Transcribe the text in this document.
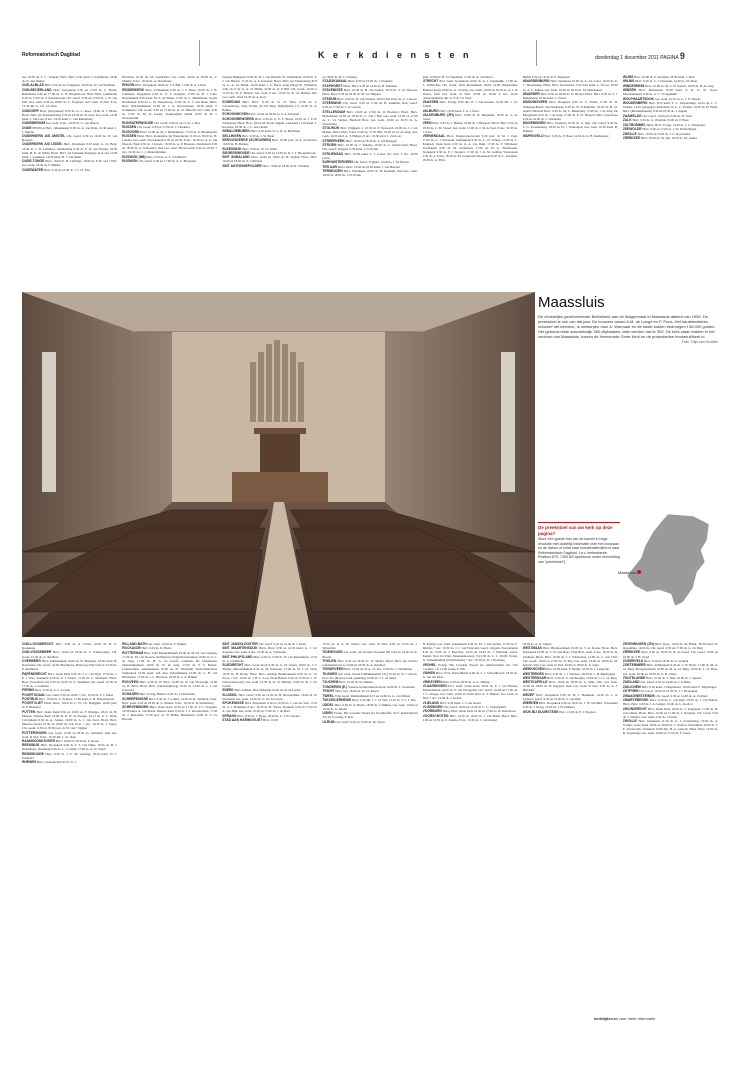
Reformatorisch Dagblad	K e r k d i e n s t e n	donderdag 1 december 2011 PAGINA 9

leu, 18.30 ds. T. C. Verhoef; Herv. Herv. 9.30 kand. J. Kommerie, 18.00 ds. N. den Ouden

OUD-ALBLAS Herv. 9.30 ds. D. Jongeneel, 18.30 ds. W. van Wolfelen

OUD-BEIJERLAND Herv. Dorpskerk 9.30 en 17.00 ds. C. Boele, Bethelkerk 9.30 en 17.00 ds. C. H. Hogendoorn, Herv. Herv. (Ambacht) 9.30 en 17.00 ds. P. Kersseboom; Chr. Geref. 9.30 en 17.00 ds. J. W. van Pelt; Ger. Gem. 9.30 en 18.00 ds. C. Vogelaar; Ger. Gem. in Ned. 8 ds. 19.30 dhr. A. J. E. vd. Veen

OUDDORP Herv. (Dorpskerk) 9.30 ds. G. C. Rose, 18.00 ds. J. Blom, Herst. Herv. (in Dorpstienden) 9.30 en 18.30 ds. D. Zoet; Ger. Gem. 14.30 kand. J. van Laar, 8 dec. 19.30 kand. C. van Ruitenburg

OUDEMIRDUM Ger. Gem. 8 dec. 19.30 ds. C. van Dieren

OUDE PEKELA Herv. Julianakapel 9.30 ds. A. van Dam, 16.30 kand. J. J. Mulder

OUDERKERK A/D AMSTEL Chr. Geref. 9.30 en 16.00 ds. W. van Boetzen

OUDERKERK A/D IJSSEL Herv. Dorpskerk 9.30 kand. G. vd. Berg, 18.30 dr. J. H. Lammers, Ontmoeting 9.30 dr. P. H. van Harten, 18.30 kand. H. K. de Wilde; Herst. Herv. (in Schakerk Kringen) ad (Loet) 12.00 kand. J. Lankhaar, 19.00 kand. H. J. van Mastr

OUDE-TONGE Herv. 10.00 dr. H. Lieftinga, 18.00 ds. P. H. van 't Hof; Ger. Gem. 18.30 ds. F. Bakker

OUDEWATER Herv. 9.30 en 18.30 ds. J. J. vd. End

Havauch, 16.30 ds. M. Goudriaan, Ger. Gem. 10.00 en 18.00 ds. F. Mulder, 8 dec. 19.30 ds. A. Verschuure

RHOON Herv. Dorpskerk 10.00 ds. J. P. Bijl, 17.00 ds. A. Christ

RIDDERKERK Herv. Lichtenkerk 9.30 ds. J. T. Maas, 16.00 ds. J. H. Lammers, Singelkerk 9.30 ds. E. F. Vergunst, 17.00 ds. B. J. Lans, Boezemkerk 9.30 kand. M. E. de Wilde, 17.00 ds. C. Hendriksen, Goede Herderkerk 9.30 ds. L. H. Nieuwkoop, 17.00 ds. G. J. van Beek; Herst. Herv. Maranathakerk 12.00 ds. J. A. Kloosterman, 18.30 kand. J. Kommerie; Chr. Geref. 9.30 en 17.00 ds. R. vd. Hetterd; Ger. Gem. 9.30 en 17.00 ds. M. de Leeuw, Verpleeghuis Salem 14.30 ds. H. J. Stroetjesdijk

RIJNSATERWOUDE Chr. Geref. 9.30 en 14.15 ds. C. Bos

RIJSSEN Chr. Geref. 9.30 en 17.00 ds. C. Hoekstra

RIJSOORD Herv. 10.00 ds. M. J. Maldenkoop, 17.00 ds. A. Bloemendal

RIJSSEN Herst. Herv. Kolkenbos (in Westerkerk) 11.00 en 18.30 ds. H. Lauchs; Ger. Gem. Noorderkerk 9.30 en 18.30, 8 dec. 19.30 ds. A. A. van Dueren, West 9.30 ds. J. Karels, 18.30 ds. A. P. Baagstra, Zuiderkerk 9.30 en 18.30 ds. A. Schreuder; Oud Ger. Gem. Bevervoorde 9.30 en 18.30, 7 dec. 19.30 ds. C. J. Onderdelinden

RIJSWIJK (NB) Herv. 9.30 ds. A. T. van Heuvel

RIJSWIJK Chr. Geref. 9.30 en 17.00 ds. A. C. Boogaard

Nieuwe Badkapel 10.00 ds. H. J. van Baarlen, Pr. Julianakerk 10.00 dr. E. J. van Harten, 17.30 ds. A. S. Kavaren; Herst. Herv. (in Thaborkerk) 8:45 ds. G. A. vd. Brink, 14.30 kand. J. P. Boed, Zeug (Hoge Pr. Willemstr. 234) 10.15 ds. G. A. vd. Brink, 16.00 ds. R. P. Bijl; Chr. Geref. 10.30 en 17.00 ds. W. E. Huizer; Ger. Gem. 8 dec. 19.30 ds. B. vd. Heiden, Oud Ger. Gem. 10 en 16.30 ds. A. Kort

SCHIEDAM Herv. Herv. 11.00 ds. N. vd. Wiel, 15.30 ds. L. Groenenberg, Vrije Evang. (in De Daat, Nijhoffplein 17) 10.00 ds. A. Bakker

SCHOONHOVEN Herv. 10.00 en 18.30 ds. S. A. Doeland

SCHOONREWOERD Herv. 9.30 ds. E. E. E. Boele, 18.30 ds. J. P. W. Verhoeven, Herst. Herv. (in Geref. Kerk vrijgem. Leerdam) 11.45 kand. L. Kooistra, 18.30 ds. J. C. den Ouden

SEBALDEBUREN Herv. 9.30 kand. D. G. R. A. Beckman

SELLINGEN Herv. 9.30 ds. J. W. Baan

SEROOSKERKE (SCHOUWEN) Herv. 10.00 prof. dr. A. de Reuver, 19.00 ds. H. Markus

SLEEUWIJK Herv. 9.30 ds. W. vd. Wind

SIEGERSWOUDE Chr. Geref. 9.30 en 14.30 ds. D. J. T. Hoogenboom

SINT ANNALAND Herv. 10.00 en 18.00 ds. B. Vreden, Herst. Herv. 10.00 en 18.00 ds. P. J. Ribbers

SINT ANTHONIEPOLDER Herv. 10.00 en 18.00 ds. R. Veldman

en 18.00 ds. H. J. Catsburg

STADSKANAAL Herv. 9.30 en 19.00 ds. J. Pronsma

STAPHORST Herst. Herv. 9.30 en 14.00 ds. B. Reinders

STAVENISSE Herv. 10.00 ds. H. van Ginkel, 18.30 ds. T. vd. Hoeven; Herst. Herv. 9.30 en 18.30 ds. M. vd. Heijden

STEDUM Herv. 9.30 ds. W. van Vuuren, 19.00 (Ten Post) ds. G. J. Roest

STEENWIJK Chr. Geref. 9.30 en 17.00 ds. B. Jonkman, Ned. Geref. 9.30 en 17.00 ds. J. A. Gersen

STELLENDAM Herv. 10.00 en 17.00 ds. D. Hoekstra; Herst. Herv. Beth-Elkerk 10.00 en 18.30 ds. C. van 't Hof; Ger. Gem. 10.00 en 17.00 ds. C. vd. Velden, Hersteld Herv. Ger. Gem. 10.00 en 18.30 ds. A. Verschuure

STOLWIJK Herv. Wijkgem. 2. 10.30 ds. P. Verwoerd, 19.00 ds. J. J. ten Brinke, Herst. Herv. Parel 11.00 ds. JJ. B. Bijl, 19.00 ds. D. de Jong; Ger. Gem. 10.00 ehrd. A. T. Huijzer, 8 dec. 19.30 ehrd. J. van Laar

STREEFKERK Herv. 10.00 en 18.30 ds. T. van Bruggen

STRIJEN Herv. 10.00 ds. J. Tadema, 18.30 ds. C. Oosterwoud; Herst. Chr. Geref. Vrijgem. 9.30 kand. J. D. Pronk

STRIJENSAS Herv. 10.00 kand. T. J. Lalau, Ver. Geb. 5 dec. 18.30 (Afd.)

SURHUISTERVEEN Chr. Geref. Vrijgem. 16.00 ds. J. M. Breedt

TER AAR Herst. Herv. 10.00 en 18.30 kand. J. van Heteren

TERNEUZEN Herv. Elandkerk 10.00 ds. H. Rudolph, Oud Ger. Gem. 10.00 en 18.00 ds. J. H. Pronk

gem. 10.00 ds. H. Sl. Waerman, 17.00 ds. A. van Horst

UTRECHT Prot. Gem. Jacobikerk 10.00 ds. A. J. Zoomadijk, 17.00 ds. L. Wildschut; Chr. Geref. West Marnixkerk 10.00, 14.00 (Hogelandse Bruitzer kerk) 10.00 ds. A. van Eik, Ger. Gem. 10.00 en 16.30 ds. A. J. de Waard, Oud Ger. Gem. in Ned. 10.00 en 18.30, 6 dec. 19.30 (Jeruzalemkerk) dhr. A. F. R. vd. Veen

VAASSEN Herv. Evang. 8.30 dhr. D. J. van Keulen, 14.30 dhr. J. vd. Scheld

VALBURG Herv. 10.00 kand. J. A. J. Peter

VALKENBURG (ZH) Herv. 10.00 ds. B. Benjamin, 18.30 ds. G. de Graaf

VEEN Herv. 9.30 ds. J. Belder, 18.00 ds. J. Broeteer; Herst. Herv. 9.30 en 18.30 ds. C. M. Visser; Ger. Gem. 15.00 ds. J. M. de Seer, 8 dec. 19.30 ds. J. Pater

VEENENDAAL Herv. Oranjerade-Gronin 9.30 prof. dr. M. J. Paul, 17.00 ds. C. J. Overeem, Julianakerk 9.30 ds. C. vd. Scheer, 17.00 ds. L. Kruijsen; Oude Kerk 9.30 ds. A. A. van Dam, 17.00 ds. F. Wijnbeek; Vredeskerk 9.30 ds. M. Goudriaan, 17.00 ds. W. G. Tiemstoeen, Sionskerk 9.30 ds. P. J. Noppert, 17.00 ds. J. K. M. Gelling, Westerkerk 9.30 ds. A. Prins, 18.30 ds. M. Goudriaan, Hoeksteen 9.30 ds. L. Kruijsen, 18.30 ds. A. Prins

Bethel 9.30 en 14.30 ds. P. Tiemssen

WAARDENBURG Herv. Neerijnen 10.00 ds. A. vd. Graaf, 18.30 ds. E. C. Haverkamp, Herst. Herv. (Kerkstraat 17a) 9.00 kand. L. Troost, 18.30 ds. A. C. Rijken, Ger. Gem. 10.00 en 18.30 ds. M. Mensinkers

WAARDER Herv. 9.30 en 18.30 ds. D. Breuer, Herst. Herv. 9.30 ds. T. J. Ruttenbeek, 18.30 kand. L. Troost

WADDINXVEEN Herv. Brugkerk 9.30 ds. P. Nobel, 17.00 ds. H. Schippan-Boevé, De Hoeksteen 9.30 ds. H. Schuurman, 18.30 ds. B. vd. Aldelt, Hersteld Herv. 9.30 ds. M. C. Batenburg, 17.00 ds. J. de Jong, De Morgenster 9.30 ds. J. de Jong, 17.00 ds. P. vd. Houwel, Herv. Dorpstraat 9.30 en 16.00 ds. J. Schreuder

WAGENINGEN Herv. Veenkerp 10.30 ds. A. Stijl, Chr. Geref. 9.30 ds. L. G. Zwanenburg, 18.30 ds. H. J. Verkoeijen; Ger. Gem. 10.30 kand. B. Rorhuis

WAPENVELD Herv. 9.30 ds. P. Baas, 14.30 ds. G. H. Kempeneer

WIJNS Herv. 10.00 ds. P. Vorsman, 18.30 kand. J. Punt

WILNIS Herv. 9.30 ds. C. J. Overeem, 14.30 ds. M. Maas

WINDESHEIM Herv. 10.00 ds. M. L. W. Karels, 19.00 ds. H. de Jong

WINSEN Herv. Bosuitkerk 18.30 kand. G. R. G. vd. Noort, Maranathakerk 9.30 ds. G. C. Vreugdenhil

WOLPHAARTSDIJK Ger. Gem. 14.30 ds. G. J. N. Moens

WOUDENBERG Herv. 8.55 kand. T. C. Zuijderduijn, 16.45 ds. L. C. Talsma, 14.25 (ontgegroe-Zaterdaal) ds. L. C. Talsma, 18.30 ds. H. Herst. Herv. (Maranathakerk) 9.30 en 18.30 ds. J. Jeppen

ZAAMSLAG Chr. Geref. 10.00 en 15.00 ds. H. Oord

ZALK Herv. 9.30 ds. G. Oberink, 19.00 ds. P. Baas

ZALTBOMMEL Herst. Herv. Evang. 14.30 ds. J. L. Schreuders

ZEEWOLDE Herv. 9.30 en 17.00 ds. J. W. Wolfschlegel

ZWOLLE Herv. 10.00 en 19.00 ds. J. C. Noorlander

ZIERIKZEE Herv. 10.00 ds. M. Zijl, 18.30 ds. M. Jonker

Maassluis
De christelijke-gereformeerde Bethelkerk aan de Wagenmaat in Maassluis dateert van 1956. De preekstoel is ook van dat jaar. De bouwers waren A.M. de Lange en P. Pons. Het karakteristieke, inclusief het interieur, is ontworpen door A. Warmaar en de totale kosten bedroegen f 58.000 gulden. Het gebouw telde aanvankelijk 360 zitplaatsen, later werden dat er 300. De kerk staat midden in het centrum van Maassluis, tussen de Hervormde Grote Kerk en de protestantse Immanuëlkerk in.
Foto: Thijs van Gooden
De preekstoel van uw kerk op deze pagina?
Stuur een goede foto van de kansel in hoge resolutie met duidelijk informatie over het bouwjaar en de datum of extra naar kerkdiensten@rd.nl naar Reformatorisch Dagblad, t.a.v. kerkredactie, Postbus 670, 7300 AR Apeldoorn onder vermelding van "preekstoel").
Maassluis

OUD-LOOSDRECHT Herv. 9.30 ds. A. Christ, 18.30 ds. H. G. Koekkoek

OUD-VOSSEMEER Herv. 10.00 en 18.30 ds. F. Scheerweijer, Chr. Geref. 15.30 ds. A. den Boer

OVERBERG Herv. Elimbakkerk 10.00 ds. H. Hoekstra, 18.30 kand. B. Roelofsen; Chr. Geref. (in De Boerhoeve, Haarweg 23b) 9.30 en 15.30 ds. P. den Butter

PAPENDRECHT Herv. Grote Kerk 9.30 ds. J. C. van Tijgl, 17.00 ds. J. P. J. Vaes, Stemkerk 9.30 ds. P. J. Tenuw, 17.00 ds. C. Molenaar; Herst. Herv. (Voorshuis 19) 9.30 en 14.30 ds. E. Veldman; Chr. Geref. 10.00 en 17.00 ds. J. Joukman

PERNIS Herv. 9.30 ds. A. C. Levens

POORTUGAAL Ger. Gem. 9.30 en 16.00, 7 dec. 19.30 ds. F. J. Mans

POSTBUS Herv. 10.00 ds. T. de Kloe, 17.00 kand. L. B. Bouwmeester

POORTVLIET Herst. Herv. 10.00 ds. L. W. Ch. Bruggink, 18.00 prof. dr. P. Buitelaar

PUTTEN Herv. Oude Kerk 8.30 en 10.00 ds. F. Maaijen, 18.45 ds. H. Markus, Nieuwe Kerk 10.00 ds. R. W. de Koeijer, 16.15 ds. G. C. Klok, Calvijnkerk 9.30 ds. A. Jonker, 19.00 ds. A. J. van Zwet, Herst. Herv. (Nieuwe Kerk) 10.30 en 18.00 ds. Joh. Post, 7 dec. 19.30 ds. J. Joppe; Chr. Geref. 9.30 en 18.30 prof. dr. W. van 't Spijker

PUTTERSHOEK Ger. Gem. 10.00 en 18.30 ds. Gerkema; Oud Ger. Gem. in Ned. 8 dec. 19.30 dhr. J. vd. Veen

RAAMSDONKSVEER Herv. 10.00 en 18.30 ds. E. Kraus

REEUWIJK Herv. Dorpskerk 9.30 dr. T. T. van Sluijs, 18.45 ds. H. J. Ruitenberg, Sionskerk 9.30 ds. L. J. Geluk, 17.00 ds. A. W. Smolt

RENSWOUDE Herv. 9.30 ds. J. E. M. Gerding, 18.30 kand. W. J. Westland

RHENEN Herv. Cunerakerk 8.45 ds. G. J.

RILLAND-BATH Ger. Gem. 14.00 ds. E. Bakker

ROCKANJE Herv. 9.45 ds. D. Boers

ROTTERDAM Herv. Zuid Maranathakerk 10.00 ds. M. M. van Campen, 17.00 ds. M. van Kooten, Delfshaven, Pelgrimsvaderskerk 10.00 ds. P. L. de Jong, 17.00 ds. H. G. de Graaff, Centrum, De Samaritaan, Opstandingskerk 10.00 ds. N. de Jong, 17.00 ds. P. F. Bouter, Lombardijen, Johanneskerk 10.00 ds. H. Westpalm, Rotterdam-Zuid, Zuiderkerk 10.00 kand. Joh. Ros, Pelgrimskerk 10.00 ds. C. B. van Herwijnen, 17.00 ds. J. C. Brouwer, 18.30 dr. L. A. Bakker

ROUVEEN Herv. 9.30 ds. H. Born, 16.00 ds. W. van Vreeswijk, 14.00 ds. H. Born, Herst. Herv. (Oude-Kijkweg) 10.30 en 14.30 ds. J. J. van Eckeveld

SCHAGEN Herv. Evang. Bethel 10.00 ds. J. Duchateau

SCHERPENISSE Herv. 9.30 ds. J. Lohuis, 14.30 ds. R. Veldman, Vrije-Herv. Gem. 9.30 en 18.00 ds. G. Mulder, 8 dec. 19.30 ds. R. Kattenberg

SCHEVENINGEN Herv. Oude Kerk 10.30 en 17.00 dr. P. J. Vergunst, 18.30 kand. A. van Breda, Nieuwe Kerk 9.30 ds. J. J. Kloosterman, 17.00 ds. J. Maasland, 17.30 prof. dr. W. Balke, Bethelkerk 10.00 dr. T. vd. Hoeven

SINT JANSKLOOSTER Chr. Geref. 9.45 en 14.30 ds. J. Kater

SINT MAARTENSDIJK Herst. Herv. 9.30 en 14.30 kand. G. J. van Asperen; Ger. Gem. 8 dec. 19.30 ds. A. Schreuder

SINT-PHILIPSLAND Herv. 9.30 en 17.00 ds. W. van Rensenkom, 17.00 ds. A. ten Brinke

SLIEDRECHT Herv. Grote Kerk 9.30 ds. G. H. Gruen, 18.00 ds. J. T. Tieghe, Maranathakerk 8.45 ds. M. Klaassen, 17.00 ds. H. J. vd. Veen, 19.30 ds. H. Bouw, Herst. Herv. Adriaan Berkhoutkerk 9.30 ds. G. vd. Zwaa, 7 dec. 19.30 ds. J. H. L. Loor, Eben-Haëzer 9.30 en 17.00 ds. J. W. Schoonderwoerd; Ger. Gem. 12.30 ds. D. vd. Heiden, 15.00 ds. M. J. van Gelder

SNEEK Herv. Ichthus, Het Onderdak 10.00 ds. H. de Leeuw

SLUISKIL Herv. Geref. 9.30 en 14.30 ds. H. Kloosterhuis, 16.00 ds. W. Westland; Ger. Gem. 14.30 ds. G. M. de Leeuw

SPIJKENISSE Herv. Dorpskerk 9.30 en 16.30 ds. J. van der Wal, 17.00 ds. A. J. Houtman, 8 dec. 19.30 ds. H. Visser, Sionkerk 9.30 en 17.00 ds. A. van Dijk, Ger. Gem. 10.00 en 17.00 ds. J. de Boer

SPRANG Herv. 9.30 ds. J. Ploeg, 18.30 ds. L. J. H. Versnel

STAD AAN HARINGVLIET Herv. 10.00

15.30 ds. R. A. W. Visser; Ger. Gem. in Ned. 9.30 en 14.30 ds. J. Wisseman

TIDEWOUDE Ger. Gem. (in Jacobus Freyseke 92) 9.30 en 14.30 ds. K. Boezie

THOLEN Herv. 9.30 en 18.30 ds. W. Meijer, Herst. Herv. (in Christo Gefundenstraat 1) 10.00 en 18.30 ds. A. den Boer

TIENDEVEEN Herv. 10.00 ds. H. A. vd. Pol, 15.00 ds. J. Veldhuizen

TILBURG Ger. Gem. Noord Edhbhuskerkstr 105) 10.30 ds. W. J. Karels, Prot. Ver. (Bosrop Gem. gemidag) 10.00 ds. J. J. de Jonge

TJUCHEM Herv. 19.00 ds. W. Dekker

TONGEREN (E.) Vaassen Gereformeerde Kerk 10.00 ds. T. Vaaltonen

TRICHT Herv. Ger. 18.30 ds. W. vd. Bosch

TWEEL Vrije Geref. Rehobothkerk 9.15 en 14.00 ds. G. van Holten

TWIJZELERHEIDE Herv. 9.30 dhr. J. J. vd. Wal, 13.45 ds. T. L. J. Bos

UDDEL Herv. 9.30 ds. A. Breda, 18.30 ds. J. Dikken, Ger. Gem. 10.00 en 18.30 ds. G. Moent

UIDEN Evang. Het Levende Woord (in Uyreshoffse, Prof. Kennedylaan 32) 10.15 evang. P. Pels

ULRUM Chr. Geref. 9.30 en 14.30 ds. M. Visser

H. Klomp; Ger. Gem. Adventkerk 9.30 ds. M. J. van Gelder, 15.30 ds. F. Mulder, 7 dec. 19.30 ds. J. J. van Eckeveld, Geref. vrijgem. Noorderkerk 8.45 en 15.00 ds. J. Boersma, 14.45 en 16.45 ds. J. Hultsink, Geref. Kerkel. Ned. (in Elim, Maandenbosweg 15) 9.30 ds. L. C. Wolff, Evang. St. Samenbinding (in Petruskerk) 7 dec. 19.30 ds. D. J. Roelsing

VEGHEL Evang. Het Levende Woord (in Amstelwinkel, mr. Van Coothstr. 11) 14.00 evang. P. Pels

VIANEN Herv. Evan. Eben-Haëzer 9.00 ds. L. J. Schoonhoven, 18.30 ds. A. van der Meer

VINKEVEEN Herv. 9.30 en 18.30 ds. A. A. Simons

VLAARDINGEN Prot. Gem. Grote Kerk 10.00 dr. P. J. van Harten, Rehobothkerk 10.00 ds. P. van Drongelen, Chr. Geref. 10.00 en 17.00 ds. J. C. Droger, Ger. Gem. 10.00 en 18.00 ehrd. A. T. Huijzer, Ger. Gem. in Ned. 7 dec. 19.30 ds. J. Koster

VLIELAND Herv. 9.30 kand. J. J. van Doorn

VLISSINGEN Chr. Geref. 10.00 en 16.30 ds. C. C. Vreugdenhil

VOORBURG Herst. Herv. Oude Kerk 10.30 en 17.00 ds. B. Rouwhorst

VOORSCHOTEN Herv. 10.30 en 16.00 ds. J. van Holm, Herst. Herv. 9.30 en 14.30 ds. E. Kasma, 8 dec. 19.30 ds. J. van Ginkel

18.30 ds. A. D. Geljert

WESTMAAS Herv. Biesboschkerk 10.00 ds. T. de Koster, Herst. Herv. Dorpskerk 10.00 ds. L. W. den Boer, Vrije Herv. Gem. 8 dec. 19.30 ds. R. Veldman, Herst. Herv. 10.00 ds. J. J. Schreuders, 16.00 ds. C. van Vliet; Chr. Geref. 10.00 en 17.00 ds. D. Bos, Ger. Gem. 10.00 en 18.00 ds. M. Karens, Vrije Ger. Gem. in Ned. 10.00 en 18.00 ds. E. Jager

WERKHOVEN Herv. 10.00 kand. P. Plomp, 18.30 ds. J. Langerak

WESTBROEK Herv. 9.30 ds. J. J. Vermeer, 18.30 ds. J. H. Rijnsburger

WESTERHAAR Herv. 9.30 ds. E. van Boeijen, 19.00 ds. G. L. vd. Berg

WESTKAPELLE Herv. 10.00 en 18.30 ds. G. Smit, Oud. Ger. Gem. 10.00 en 18.00 ds. H. Kappert, Oud. Ger. Gem. in Ned. 9.30 ds. A. J. Hendriks

WEZEP Herv. Dorpskerk 9.30 ds. H. J. Hoekman, 14.30 ds. J. A. Lemstra, Geref. 9.30 en 15.00 ds. T. van Dijk

WIERDEN Herv. Dorpskerk 9.30 en 18.45 ds. J. W. van Burt, Tabernakel 9.30 ds. J. Ploeg, 15.00 ds. J. H. Dekkers

WIJK BIJ DUURSTEDE Herv. 10.00 ds. P. J. Noppert

ZEVENHUIZEN (ZH) Herv. Dorp. 10.00 ds. M. Brink, 18.30 kand. W. Oppenhuis, 16.00 ds. Chr. Geref. 9.30 en 17.00 ds. G. vd. Berg

ZIERIKZEE Herv. 9.30 en 18.30 ds. R. de Graaf, Chr. Geref. 10.00 en 16.00 ds. J. H. Vogel

ZIJDERVELD Herv. 9.30 en 18.30 ds. G. Verkerk

ZOETERMEER Herv. Ichthuskerk 9.30 ds. J. W. Harst, 17.00 ds. M. A. vd. Berg, Morgensterkerk 10.00 ds. M. A. vd. Berg, 18.30 ds. J. vd. Haas, Ger. Gem. 10.00 en 18.30 ds. G. H. Visser

ZOUTELANDE Herv. 10.00 ds. T. Snel, 18.00 ds. J. Spaans

ZUIDLAND Chr. Geref. 9.30 en 16.00 ds. J. P. Bette

ZUILICHEM Herv. 9.30 kand. J. Hegenbeart, 18.30 kand. F. Wijnbergen

ZUTPHEN Chr. Geref. 10.00 en 16.30 ds. J. J. Bouwman

ZWAAGWESTEINDE Chr. Geref. 9.30 en 14.00 ds. A. Zwijnen

ZWARTEBROEK Herv. 9.30 ds. C. van Dijk, 18.30 ds. J. van Holten, Herst. Herv. 9.30 ds. J. A. Geljert, 16.00 ds. G. Roobol

ZWIJNDRECHT Herv. Oude Kerk 10.00 ds. J. Jongeneel, 17.00 ds. H. van Ginkel, Herst. Herv. 10.00 en 17.00 ds. J. Kruijsen, Chr. Geref. 9.30 ds. J. Slofstra, Ger. Gem. 9.30 ds. J. Kalbe

ZWOLLE Herv. Zionskerk 11.30 ds. G. J. Kronenburg, 16.00 ds. A. Vrolijk, Grote Kerk 10.00 en 16.00 ds. J. Wolfert, Hoofdkerk 10.00 ds. J. E. Oosterwijk, Stinskerk 10.00 dhr. H. A. Gerlach, Herst. Herv. 10.00 ds. R. Vogelzang, Ger. Gem. 10.00 en 17.00 ds. F. Vreek

kerktijden.nl voor meer informatie
